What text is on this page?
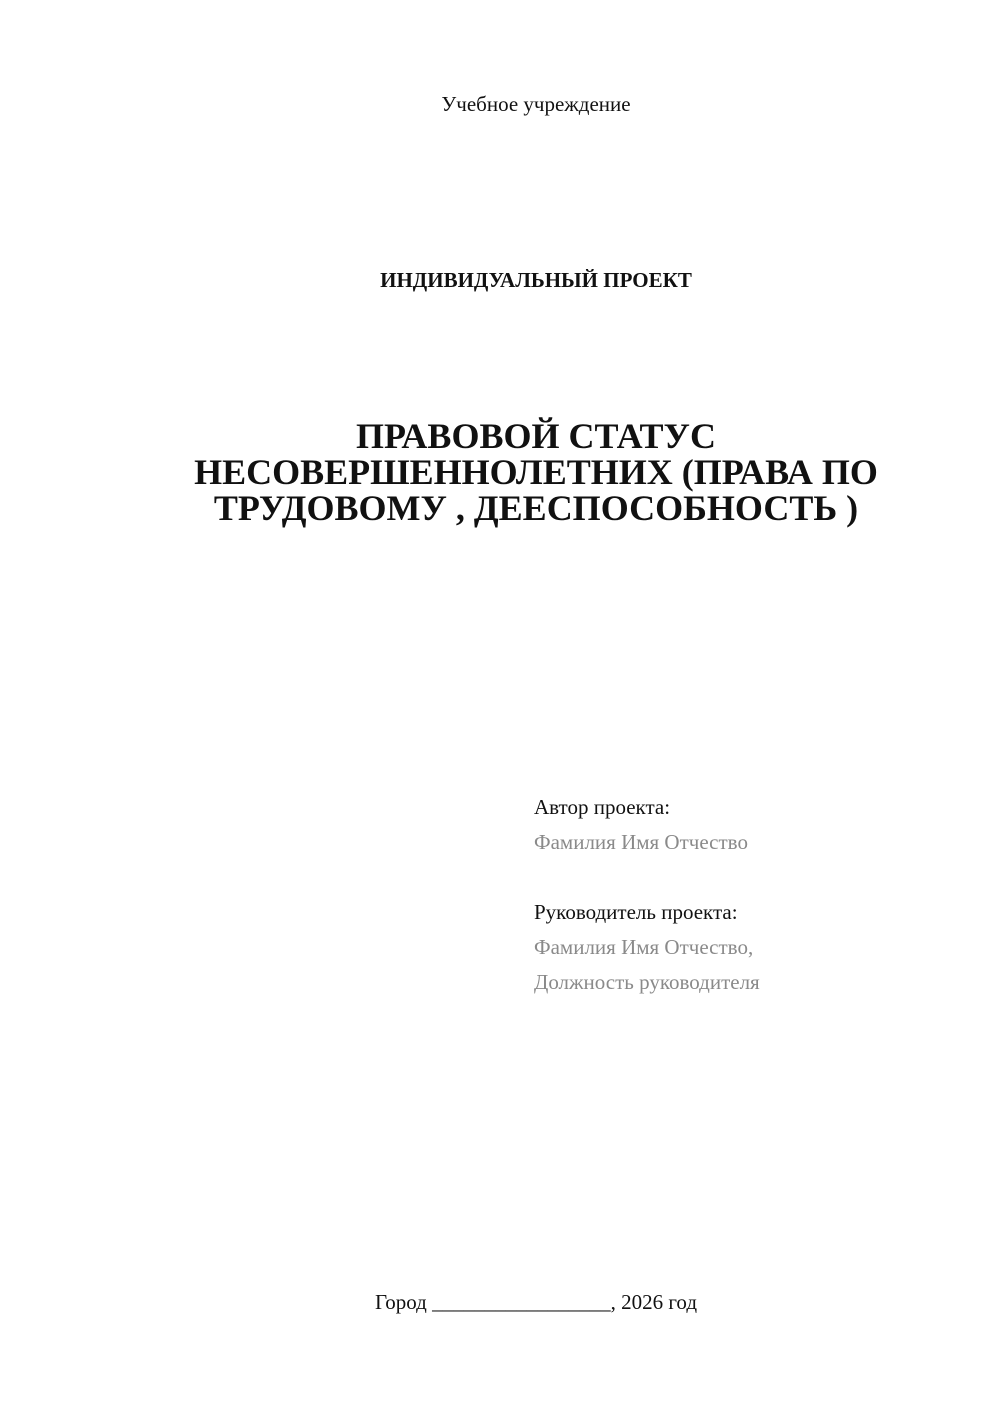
Учебное учреждение
ИНДИВИДУАЛЬНЫЙ ПРОЕКТ
ПРАВОВОЙ СТАТУС
НЕСОВЕРШЕННОЛЕТНИХ (ПРАВА ПО
ТРУДОВОМУ , ДЕЕСПОСОБНОСТЬ )
Автор проекта:
Фамилия Имя Отчество
Руководитель проекта:
Фамилия Имя Отчество,
Должность руководителя
Город _________________, 2026 год
